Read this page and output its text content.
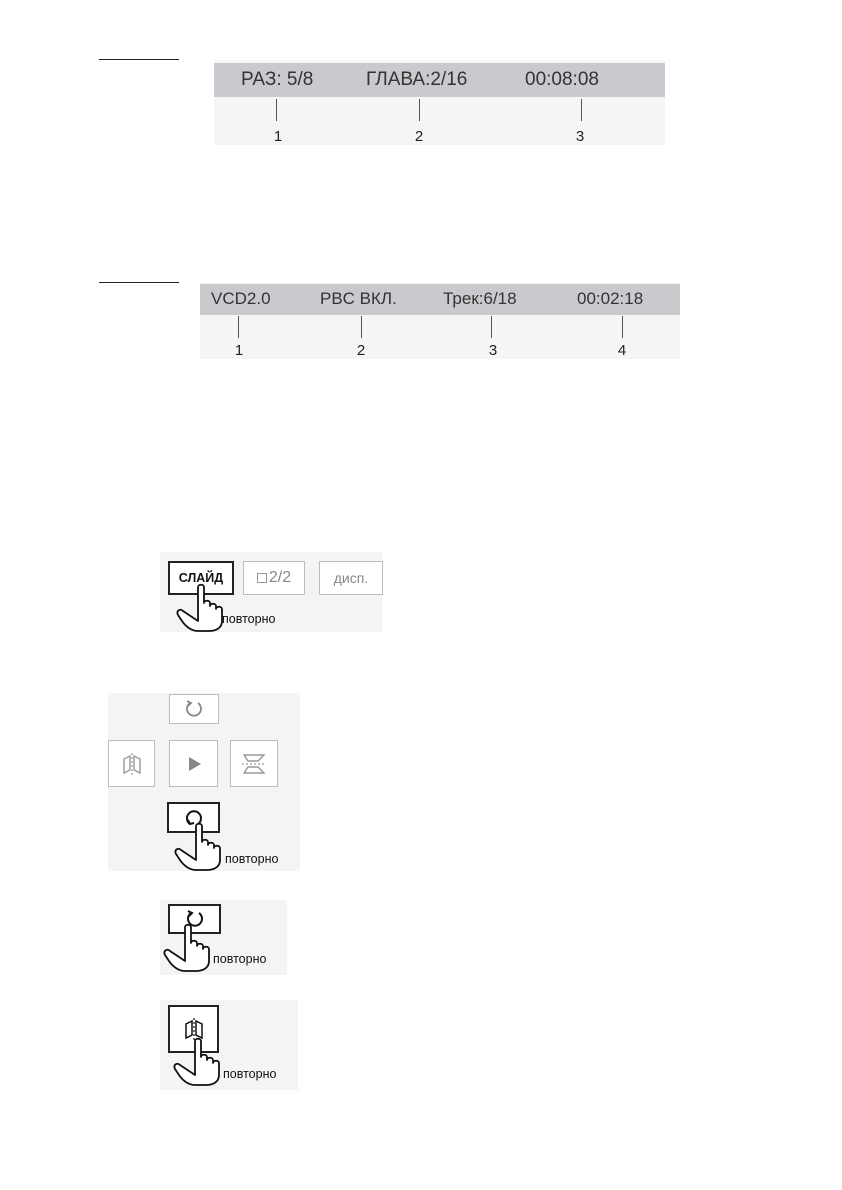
РАЗ: 5/8	ГЛАВА:2/16	00:08:08
1	2	3
VCD2.0	PBC ВКЛ.	Трек:6/18	00:02:18
1	2	3	4
СЛАЙД	2/2	дисп.
повторно
повторно
повторно
повторно
